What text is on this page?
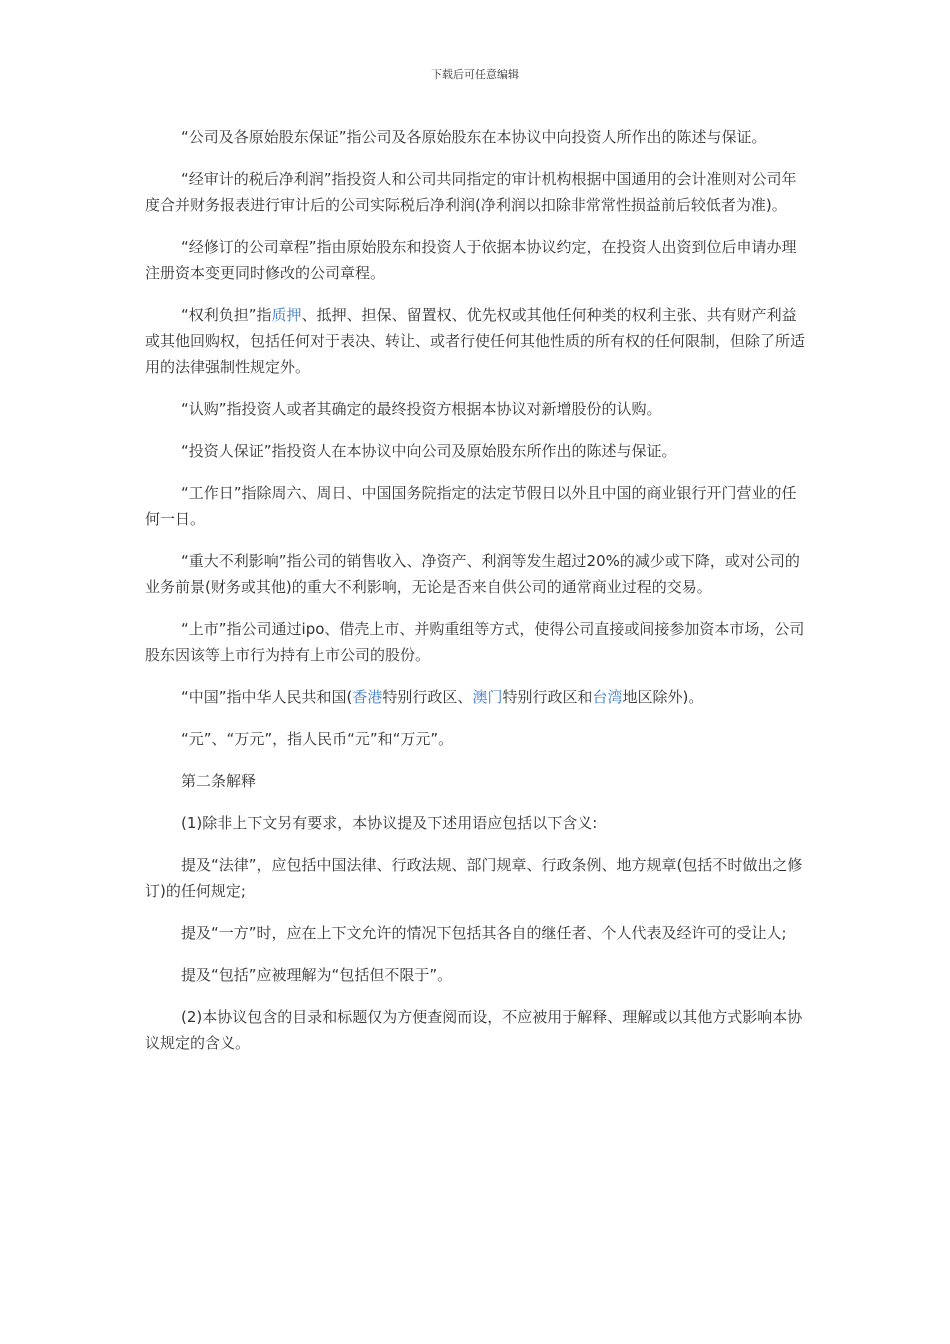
下载后可任意编辑

“公司及各原始股东保证”指公司及各原始股东在本协议中向投资人所作出的陈述与保证。

“经审计的税后净利润”指投资人和公司共同指定的审计机构根据中国通用的会计准则对公司年度合并财务报表进行审计后的公司实际税后净利润(净利润以扣除非常常性损益前后较低者为准)。

“经修订的公司章程”指由原始股东和投资人于依据本协议约定，在投资人出资到位后申请办理注册资本变更同时修改的公司章程。

“权利负担”指质押、抵押、担保、留置权、优先权或其他任何种类的权利主张、共有财产利益或其他回购权，包括任何对于表决、转让、或者行使任何其他性质的所有权的任何限制，但除了所适用的法律强制性规定外。

“认购”指投资人或者其确定的最终投资方根据本协议对新增股份的认购。

“投资人保证”指投资人在本协议中向公司及原始股东所作出的陈述与保证。

“工作日”指除周六、周日、中国国务院指定的法定节假日以外且中国的商业银行开门营业的任何一日。

“重大不利影响”指公司的销售收入、净资产、利润等发生超过20%的减少或下降，或对公司的业务前景(财务或其他)的重大不利影响，无论是否来自供公司的通常商业过程的交易。

“上市”指公司通过ipo、借壳上市、并购重组等方式，使得公司直接或间接参加资本市场，公司股东因该等上市行为持有上市公司的股份。

“中国”指中华人民共和国(香港特别行政区、澳门特别行政区和台湾地区除外)。

“元”、“万元”，指人民币“元”和“万元”。

第二条解释

(1)除非上下文另有要求，本协议提及下述用语应包括以下含义:

提及“法律”，应包括中国法律、行政法规、部门规章、行政条例、地方规章(包括不时做出之修订)的任何规定;

提及“一方”时，应在上下文允许的情况下包括其各自的继任者、个人代表及经许可的受让人;

提及“包括”应被理解为“包括但不限于”。

(2)本协议包含的目录和标题仅为方便查阅而设，不应被用于解释、理解或以其他方式影响本协议规定的含义。
